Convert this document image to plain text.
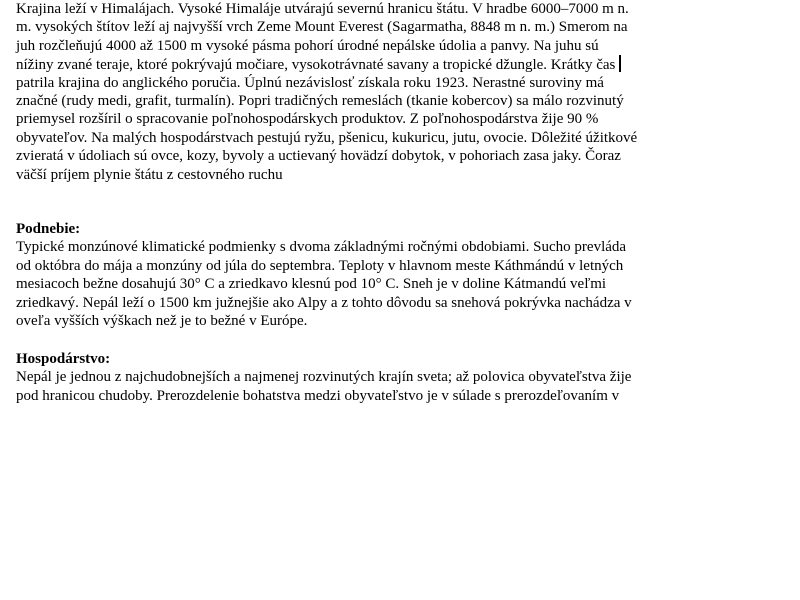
Krajina leží v Himalájach. Vysoké Himaláje utvárajú severnú hranicu štátu. V hradbe 6000–7000 m n.
m. vysokých štítov leží aj najvyšší vrch Zeme Mount Everest (Sagarmatha, 8848 m n. m.) Smerom na
juh rozčleňujú 4000 až 1500 m vysoké pásma pohorí úrodné nepálske údolia a panvy. Na juhu sú
nížiny zvané teraje, ktoré pokrývajú močiare, vysokotrávnaté savany a tropické džungle. Krátky čas
patrila krajina do anglického poručia. Úplnú nezávislosť získala roku 1923. Nerastné suroviny má
značné (rudy medi, grafit, turmalín). Popri tradičných remeslách (tkanie kobercov) sa málo rozvinutý
priemysel rozšíril o spracovanie poľnohospodárskych produktov. Z poľnohospodárstva žije 90 %
obyvateľov. Na malých hospodárstvach pestujú ryžu, pšenicu, kukuricu, jutu, ovocie. Dôležité úžitkové
zvieratá v údoliach sú ovce, kozy, byvoly a uctievaný hovädzí dobytok, v pohoriach zasa jaky. Čoraz
väčší príjem plynie štátu z cestovného ruchu
Podnebie:
Typické monzúnové klimatické podmienky s dvoma základnými ročnými obdobiami. Sucho prevláda
od októbra do mája a monzúny od júla do septembra. Teploty v hlavnom meste Káthmándú v letných
mesiacoch bežne dosahujú 30° C a zriedkavo klesnú pod 10° C. Sneh je v doline Kátmandú veľmi
zriedkavý. Nepál leží o 1500 km južnejšie ako Alpy a z tohto dôvodu sa snehová pokrývka nachádza v
oveľa vyšších výškach než je to bežné v Európe.
Hospodárstvo:
Nepál je jednou z najchudobnejších a najmenej rozvinutých krajín sveta; až polovica obyvateľstva žije
pod hranicou chudoby. Prerozdelenie bohatstva medzi obyvateľstvo je v súlade s prerozdeľovaním v
